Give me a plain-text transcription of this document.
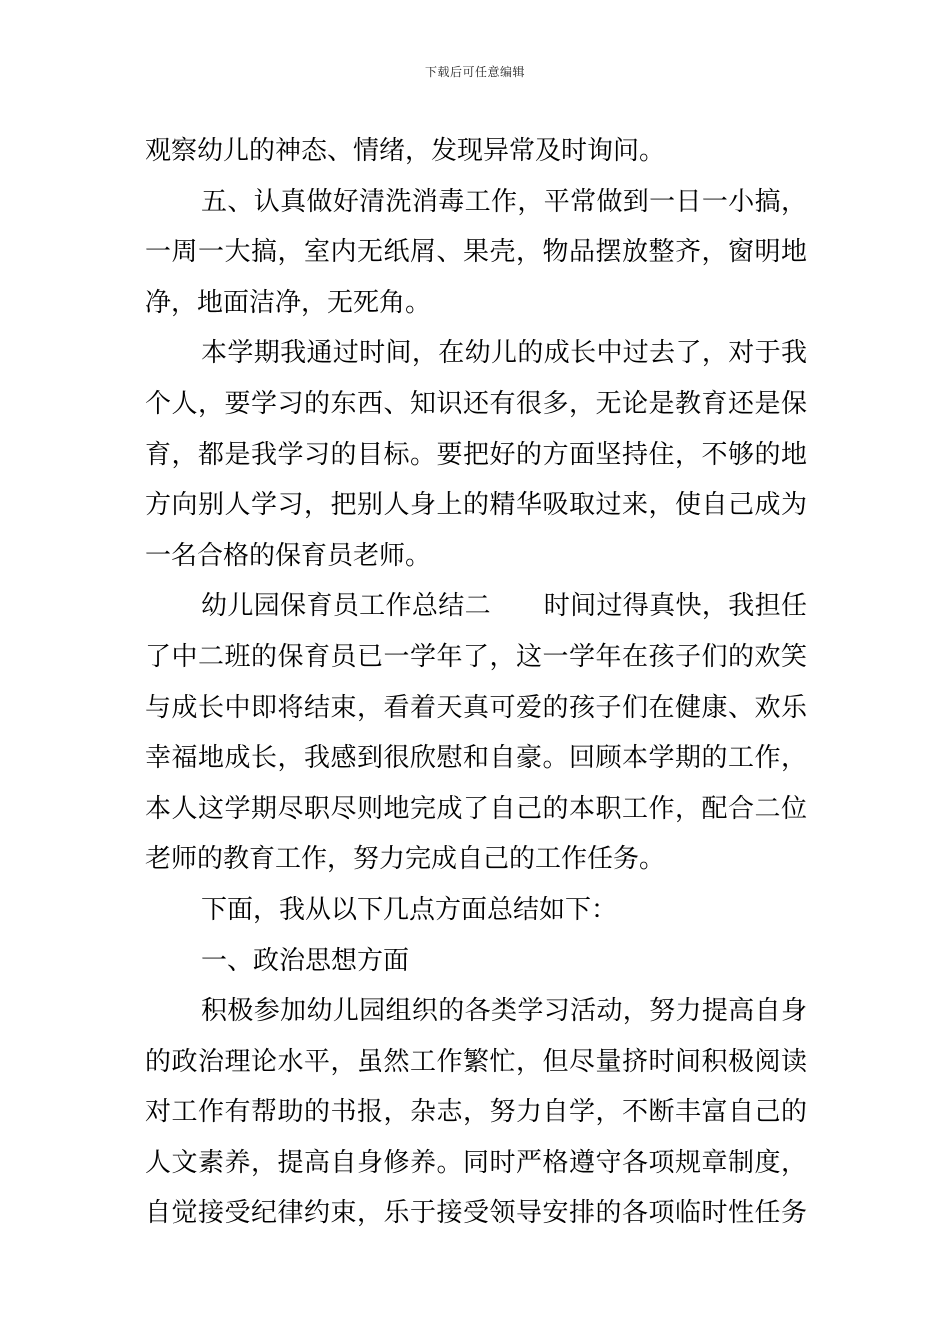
下载后可任意编辑
观察幼儿的神态、情绪，发现异常及时询问。
五、认真做好清洗消毒工作，平常做到一日一小搞，
一周一大搞，室内无纸屑、果壳，物品摆放整齐，窗明地
净，地面洁净，无死角。
本学期我通过时间，在幼儿的成长中过去了，对于我
个人，要学习的东西、知识还有很多，无论是教育还是保
育，都是我学习的目标。要把好的方面坚持住，不够的地
方向别人学习，把别人身上的精华吸取过来，使自己成为
一名合格的保育员老师。
幼儿园保育员工作总结二　　时间过得真快，我担任
了中二班的保育员已一学年了，这一学年在孩子们的欢笑
与成长中即将结束，看着天真可爱的孩子们在健康、欢乐
幸福地成长，我感到很欣慰和自豪。回顾本学期的工作，
本人这学期尽职尽则地完成了自己的本职工作，配合二位
老师的教育工作，努力完成自己的工作任务。
下面，我从以下几点方面总结如下：
一、政治思想方面
积极参加幼儿园组织的各类学习活动，努力提高自身
的政治理论水平，虽然工作繁忙，但尽量挤时间积极阅读
对工作有帮助的书报，杂志，努力自学，不断丰富自己的
人文素养，提高自身修养。同时严格遵守各项规章制度，
自觉接受纪律约束，乐于接受领导安排的各项临时性任务
